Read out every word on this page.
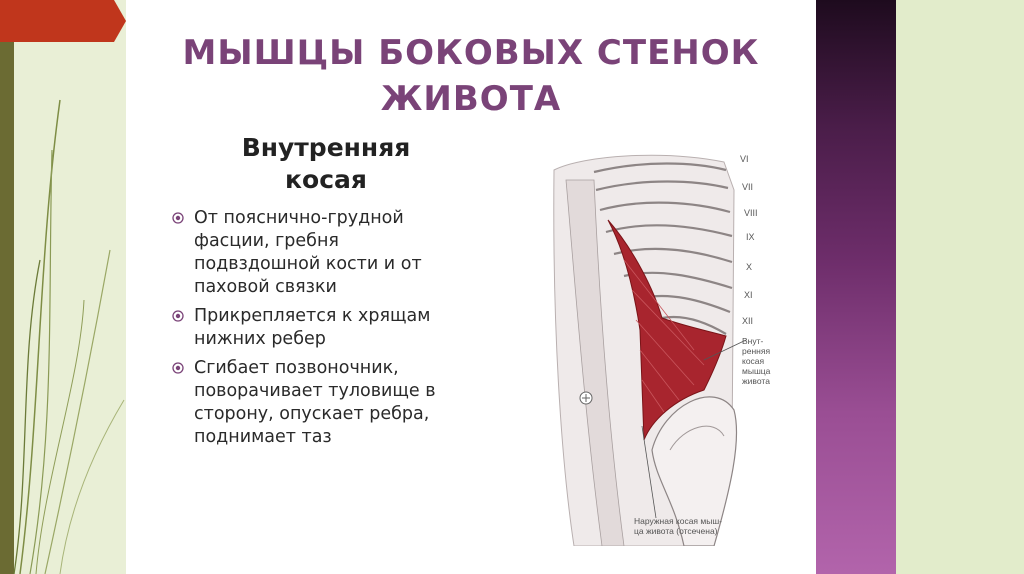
МЫШЦЫ БОКОВЫХ СТЕНОК
ЖИВОТА
Внутренняя
косая
От пояснично-грудной фасции, гребня подвздошной кости и от паховой связки
Прикрепляется к хрящам нижних ребер
Сгибает позвоночник, поворачивает туловище в сторону, опускает ребра, поднимает таз
VI
VII
VIII
IX
X
XI
XII
Внут-
ренняя
косая
мышца
живота
Наружная косая мыш-
ца живота (отсечена)
